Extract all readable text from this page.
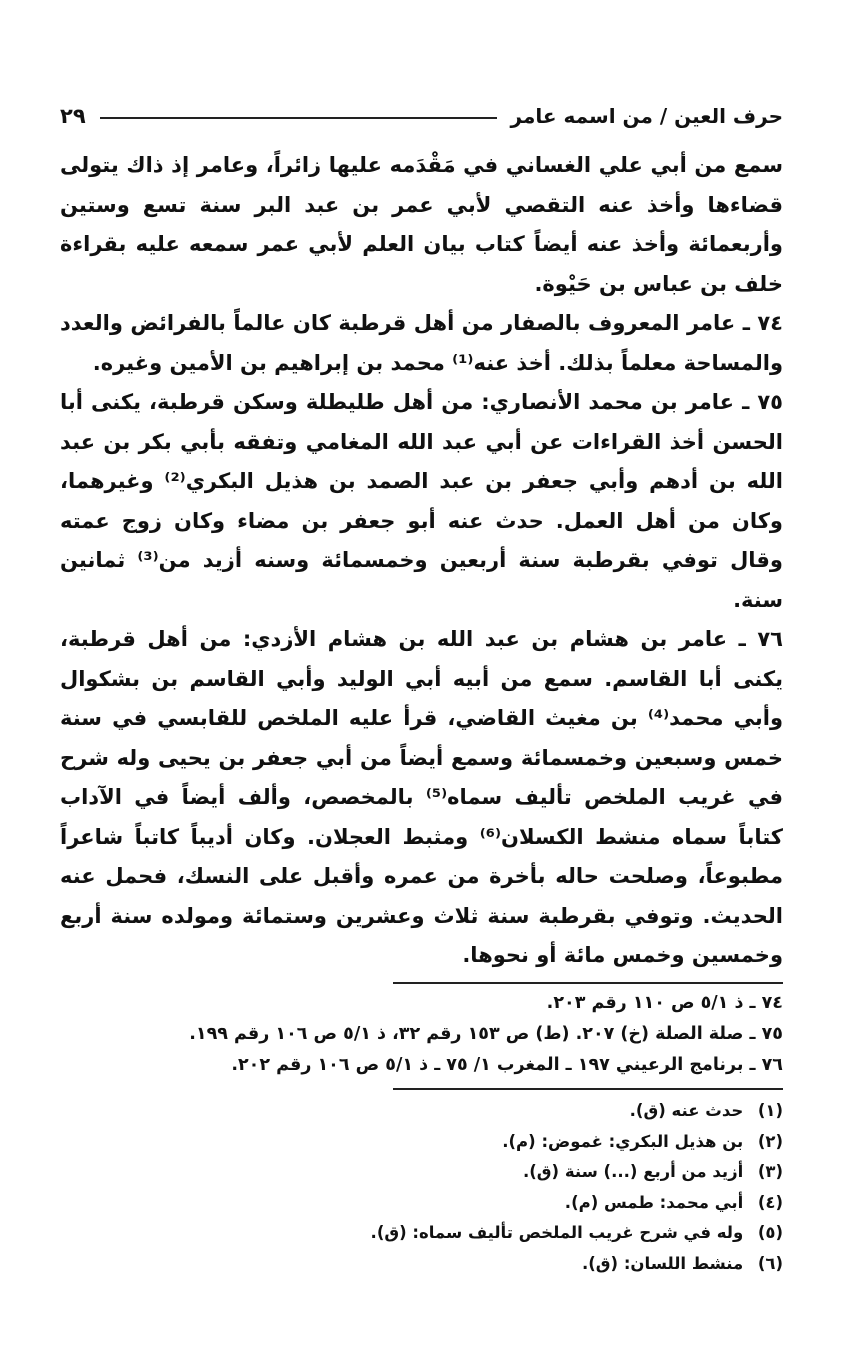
حرف العين / من اسمه عامر
٢٩

سمع من أبي علي الغساني في مَقْدَمه عليها زائراً، وعامر إذ ذاك يتولى قضاءها وأخذ عنه التقصي لأبي عمر بن عبد البر سنة تسع وستين وأربعمائة وأخذ عنه أيضاً كتاب بيان العلم لأبي عمر سمعه عليه بقراءة خلف بن عباس بن حَيْوة.

٧٤ ـ عامر المعروف بالصفار من أهل قرطبة كان عالماً بالفرائض والعدد والمساحة معلماً بذلك. أخذ عنه⁽¹⁾ محمد بن إبراهيم بن الأمين وغيره.

٧٥ ـ عامر بن محمد الأنصاري: من أهل طليطلة وسكن قرطبة، يكنى أبا الحسن أخذ القراءات عن أبي عبد الله المغامي وتفقه بأبي بكر بن عبد الله بن أدهم وأبي جعفر بن عبد الصمد بن هذيل البكري⁽²⁾ وغيرهما، وكان من أهل العمل. حدث عنه أبو جعفر بن مضاء وكان زوج عمته وقال توفي بقرطبة سنة أربعين وخمسمائة وسنه أزيد من⁽³⁾ ثمانين سنة.

٧٦ ـ عامر بن هشام بن عبد الله بن هشام الأزدي: من أهل قرطبة، يكنى أبا القاسم. سمع من أبيه أبي الوليد وأبي القاسم بن بشكوال وأبي محمد⁽⁴⁾ بن مغيث القاضي، قرأ عليه الملخص للقابسي في سنة خمس وسبعين وخمسمائة وسمع أيضاً من أبي جعفر بن يحيى وله شرح في غريب الملخص تأليف سماه⁽⁵⁾ بالمخصص، وألف أيضاً في الآداب كتاباً سماه منشط الكسلان⁽⁶⁾ ومثبط العجلان. وكان أديباً كاتباً شاعراً مطبوعاً، وصلحت حاله بأخرة من عمره وأقبل على النسك، فحمل عنه الحديث. وتوفي بقرطبة سنة ثلاث وعشرين وستمائة ومولده سنة أربع وخمسين وخمس مائة أو نحوها.

٧٤ ـ ذ ٥/١ ص ١١٠ رقم ٢٠٣.
٧٥ ـ صلة الصلة (خ) ٢٠٧. (ط) ص ١٥٣ رقم ٣٢، ذ ٥/١ ص ١٠٦ رقم ١٩٩.
٧٦ ـ برنامج الرعيني ١٩٧ ـ المغرب ١/ ٧٥ ـ ذ ٥/١ ص ١٠٦ رقم ٢٠٢.
(١) حدث عنه (ق).
(٢) بن هذيل البكري: غموض: (م).
(٣) أزيد من أربع (...) سنة (ق).
(٤) أبي محمد: طمس (م).
(٥) وله في شرح غريب الملخص تأليف سماه: (ق).
(٦) منشط اللسان: (ق).
